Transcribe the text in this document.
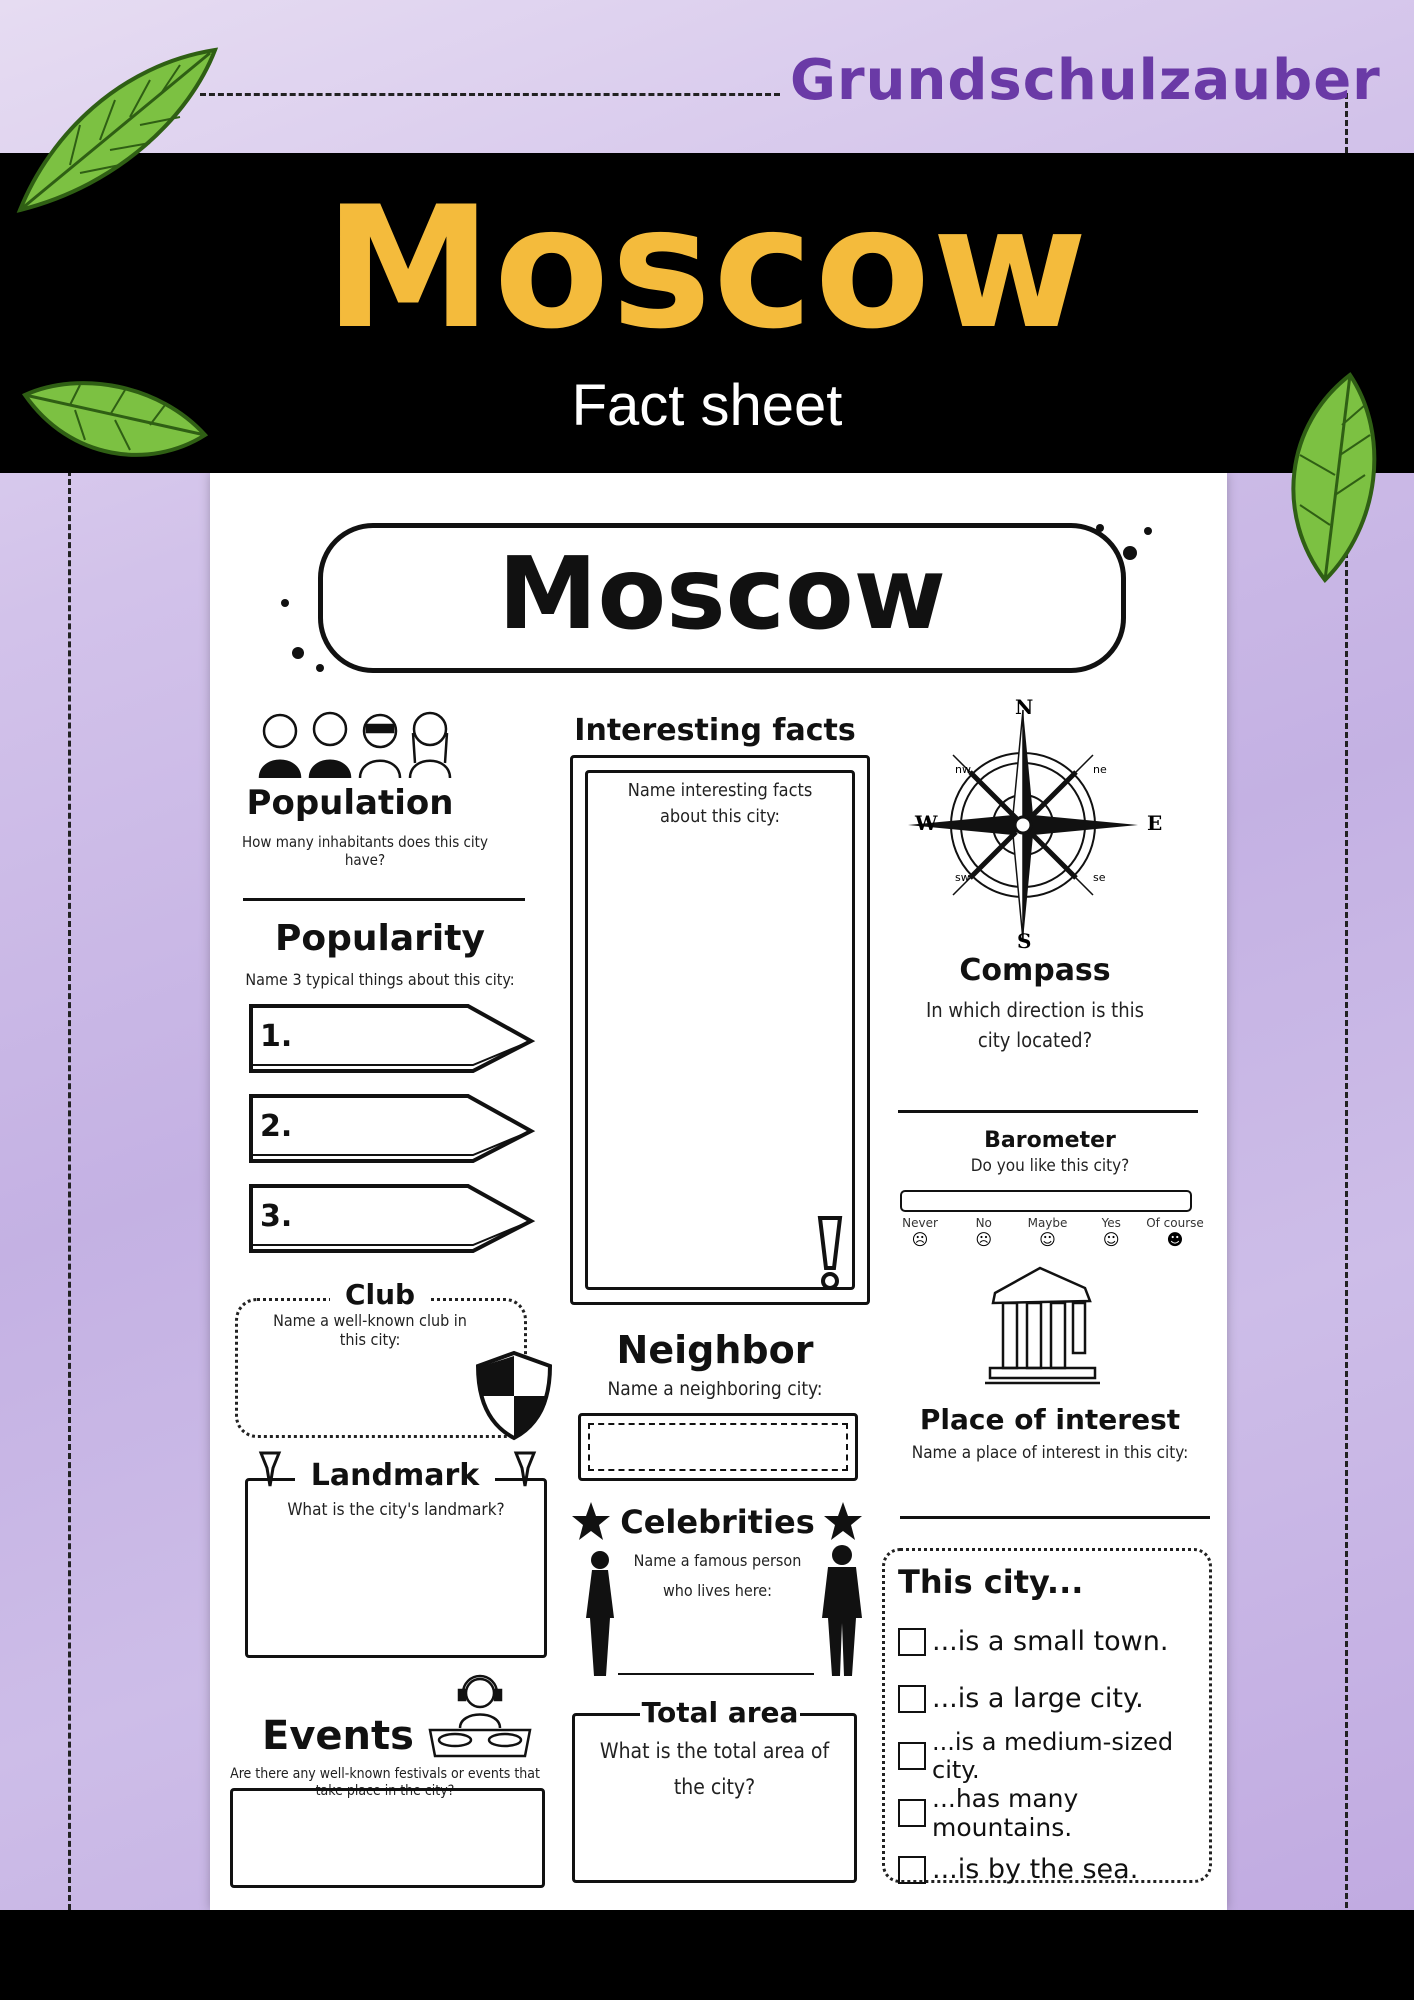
Grundschulzauber
Moscow
Fact sheet
Moscow
Population
How many inhabitants does this city have?
Popularity
Name 3 typical things about this city:
1.
2.
3.
Club
Name a well-known club in this city:
Landmark
What is the city's landmark?
Events
Are there any well-known festivals or events that take place in the city?
Interesting facts
Name interesting facts about this city:
Neighbor
Name a neighboring city:
Celebrities
Name a famous person who lives here:
Total area
What is the total area of the city?
N
S
W	E
nw	ne
sw	se
Compass
In which direction is this city located?
Barometer
Do you like this city?
Never
☹
No
☹
Maybe
☺
Yes
☺
Of course
☻
Place of interest
Name a place of interest in this city:
This city...
...is a small town.
...is a large city.
...is a medium-sized city.
...has many mountains.
...is by the sea.
